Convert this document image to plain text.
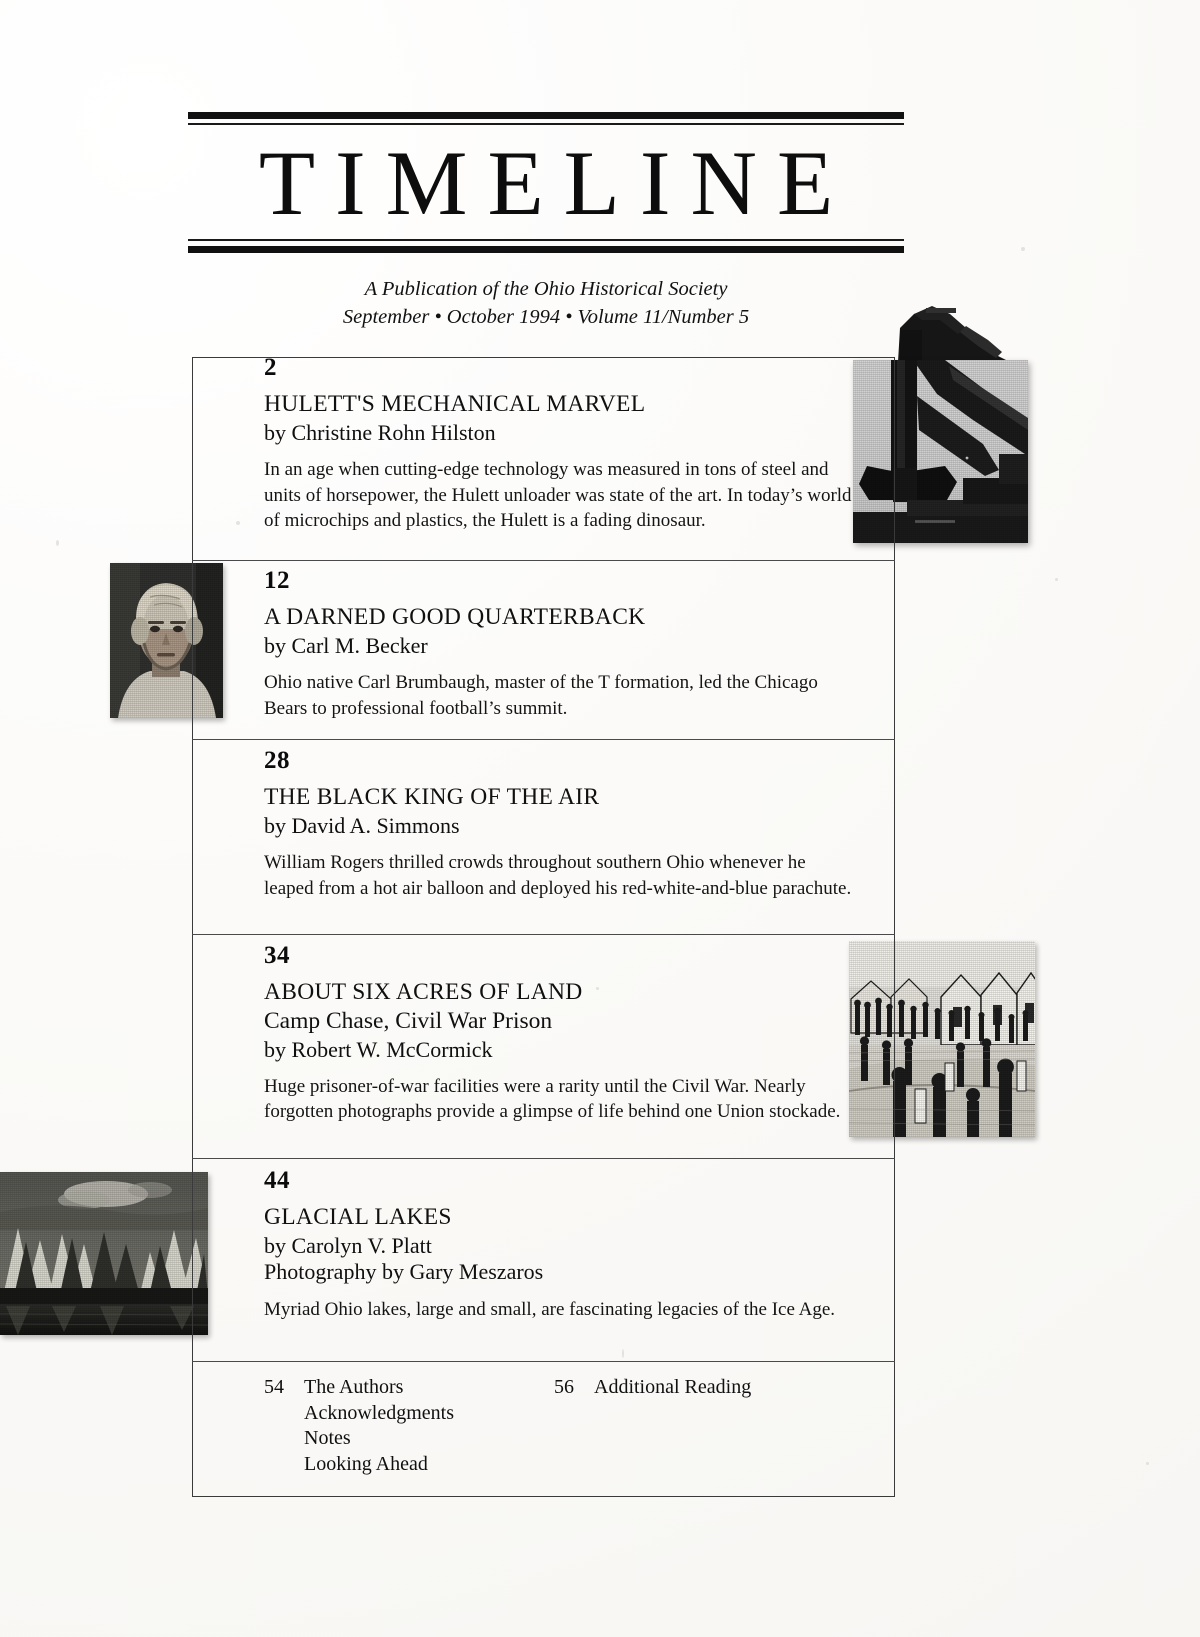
TIMELINE
A Publication of the Ohio Historical Society
September • October 1994 • Volume 11/Number 5
2
HULETT'S MECHANICAL MARVEL
by Christine Rohn Hilston
In an age when cutting-edge technology was measured in tons of steel and units of horsepower, the Hulett unloader was state of the art. In today’s world of microchips and plastics, the Hulett is a fading dinosaur.
12
A DARNED GOOD QUARTERBACK
by Carl M. Becker
Ohio native Carl Brumbaugh, master of the T formation, led the Chicago Bears to professional football’s summit.
28
THE BLACK KING OF THE AIR
by David A. Simmons
William Rogers thrilled crowds throughout southern Ohio whenever he leaped from a hot air balloon and deployed his red-white-and-blue parachute.
34
ABOUT SIX ACRES OF LAND
Camp Chase, Civil War Prison
by Robert W. McCormick
Huge prisoner-of-war facilities were a rarity until the Civil War. Nearly forgotten photographs provide a glimpse of life behind one Union stockade.
44
GLACIAL LAKES
by Carolyn V. Platt
Photography by Gary Meszaros
Myriad Ohio lakes, large and small, are fascinating legacies of the Ice Age.
54	The Authors
Acknowledgments
Notes
Looking Ahead
56	Additional Reading
